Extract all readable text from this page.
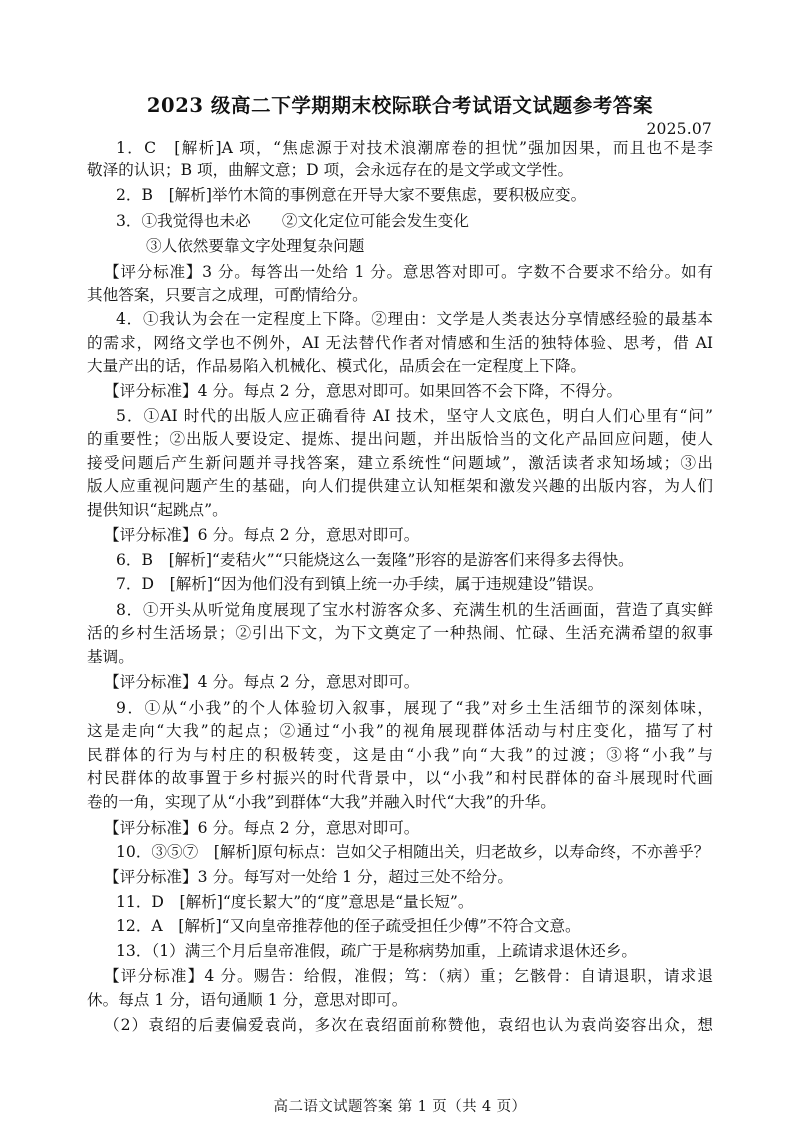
2023 级高二下学期期末校际联合考试语文试题参考答案
2025.07
1．C　[解析]A 项，“焦虑源于对技术浪潮席卷的担忧”强加因果，而且也不是李
敬泽的认识；B 项，曲解文意；D 项，会永远存在的是文学或文学性。
2．B　[解析]举竹木简的事例意在开导大家不要焦虑，要积极应变。
3．①我觉得也未必　　②文化定位可能会发生变化
③人依然要靠文字处理复杂问题
【评分标准】3 分。每答出一处给 1 分。意思答对即可。字数不合要求不给分。如有
其他答案，只要言之成理，可酌情给分。
4．①我认为会在一定程度上下降。②理由：文学是人类表达分享情感经验的最基本
的需求，网络文学也不例外，AI 无法替代作者对情感和生活的独特体验、思考，借 AI
大量产出的话，作品易陷入机械化、模式化，品质会在一定程度上下降。
【评分标准】4 分。每点 2 分，意思对即可。如果回答不会下降，不得分。
5．①AI 时代的出版人应正确看待 AI 技术，坚守人文底色，明白人们心里有“问”
的重要性；②出版人要设定、提炼、提出问题，并出版恰当的文化产品回应问题，使人
接受问题后产生新问题并寻找答案，建立系统性“问题域”，激活读者求知场域；③出
版人应重视问题产生的基础，向人们提供建立认知框架和激发兴趣的出版内容，为人们
提供知识“起跳点”。
【评分标准】6 分。每点 2 分，意思对即可。
6．B　[解析]“麦秸火”“只能烧这么一轰隆”形容的是游客们来得多去得快。
7．D　[解析]“因为他们没有到镇上统一办手续，属于违规建设”错误。
8．①开头从听觉角度展现了宝水村游客众多、充满生机的生活画面，营造了真实鲜
活的乡村生活场景；②引出下文，为下文奠定了一种热闹、忙碌、生活充满希望的叙事
基调。
【评分标准】4 分。每点 2 分，意思对即可。
9．①从“小我”的个人体验切入叙事，展现了“我”对乡土生活细节的深刻体味，
这是走向“大我”的起点；②通过“小我”的视角展现群体活动与村庄变化，描写了村
民群体的行为与村庄的积极转变，这是由“小我”向“大我”的过渡；③将“小我”与
村民群体的故事置于乡村振兴的时代背景中，以“小我”和村民群体的奋斗展现时代画
卷的一角，实现了从“小我”到群体“大我”并融入时代“大我”的升华。
【评分标准】6 分。每点 2 分，意思对即可。
10．③⑤⑦　[解析]原句标点：岂如父子相随出关，归老故乡，以寿命终，不亦善乎？
【评分标准】3 分。每写对一处给 1 分，超过三处不给分。
11．D　[解析]“度长絜大”的“度”意思是“量长短”。
12．A　[解析]“又向皇帝推荐他的侄子疏受担任少傅”不符合文意。
13．（1）满三个月后皇帝准假，疏广于是称病势加重，上疏请求退休还乡。
【评分标准】4 分。赐告：给假，准假；笃：（病）重；乞骸骨：自请退职，请求退
休。每点 1 分，语句通顺 1 分，意思对即可。
（2）袁绍的后妻偏爱袁尚，多次在袁绍面前称赞他，袁绍也认为袁尚姿容出众，想
高二语文试题答案 第 1 页（共 4 页）
